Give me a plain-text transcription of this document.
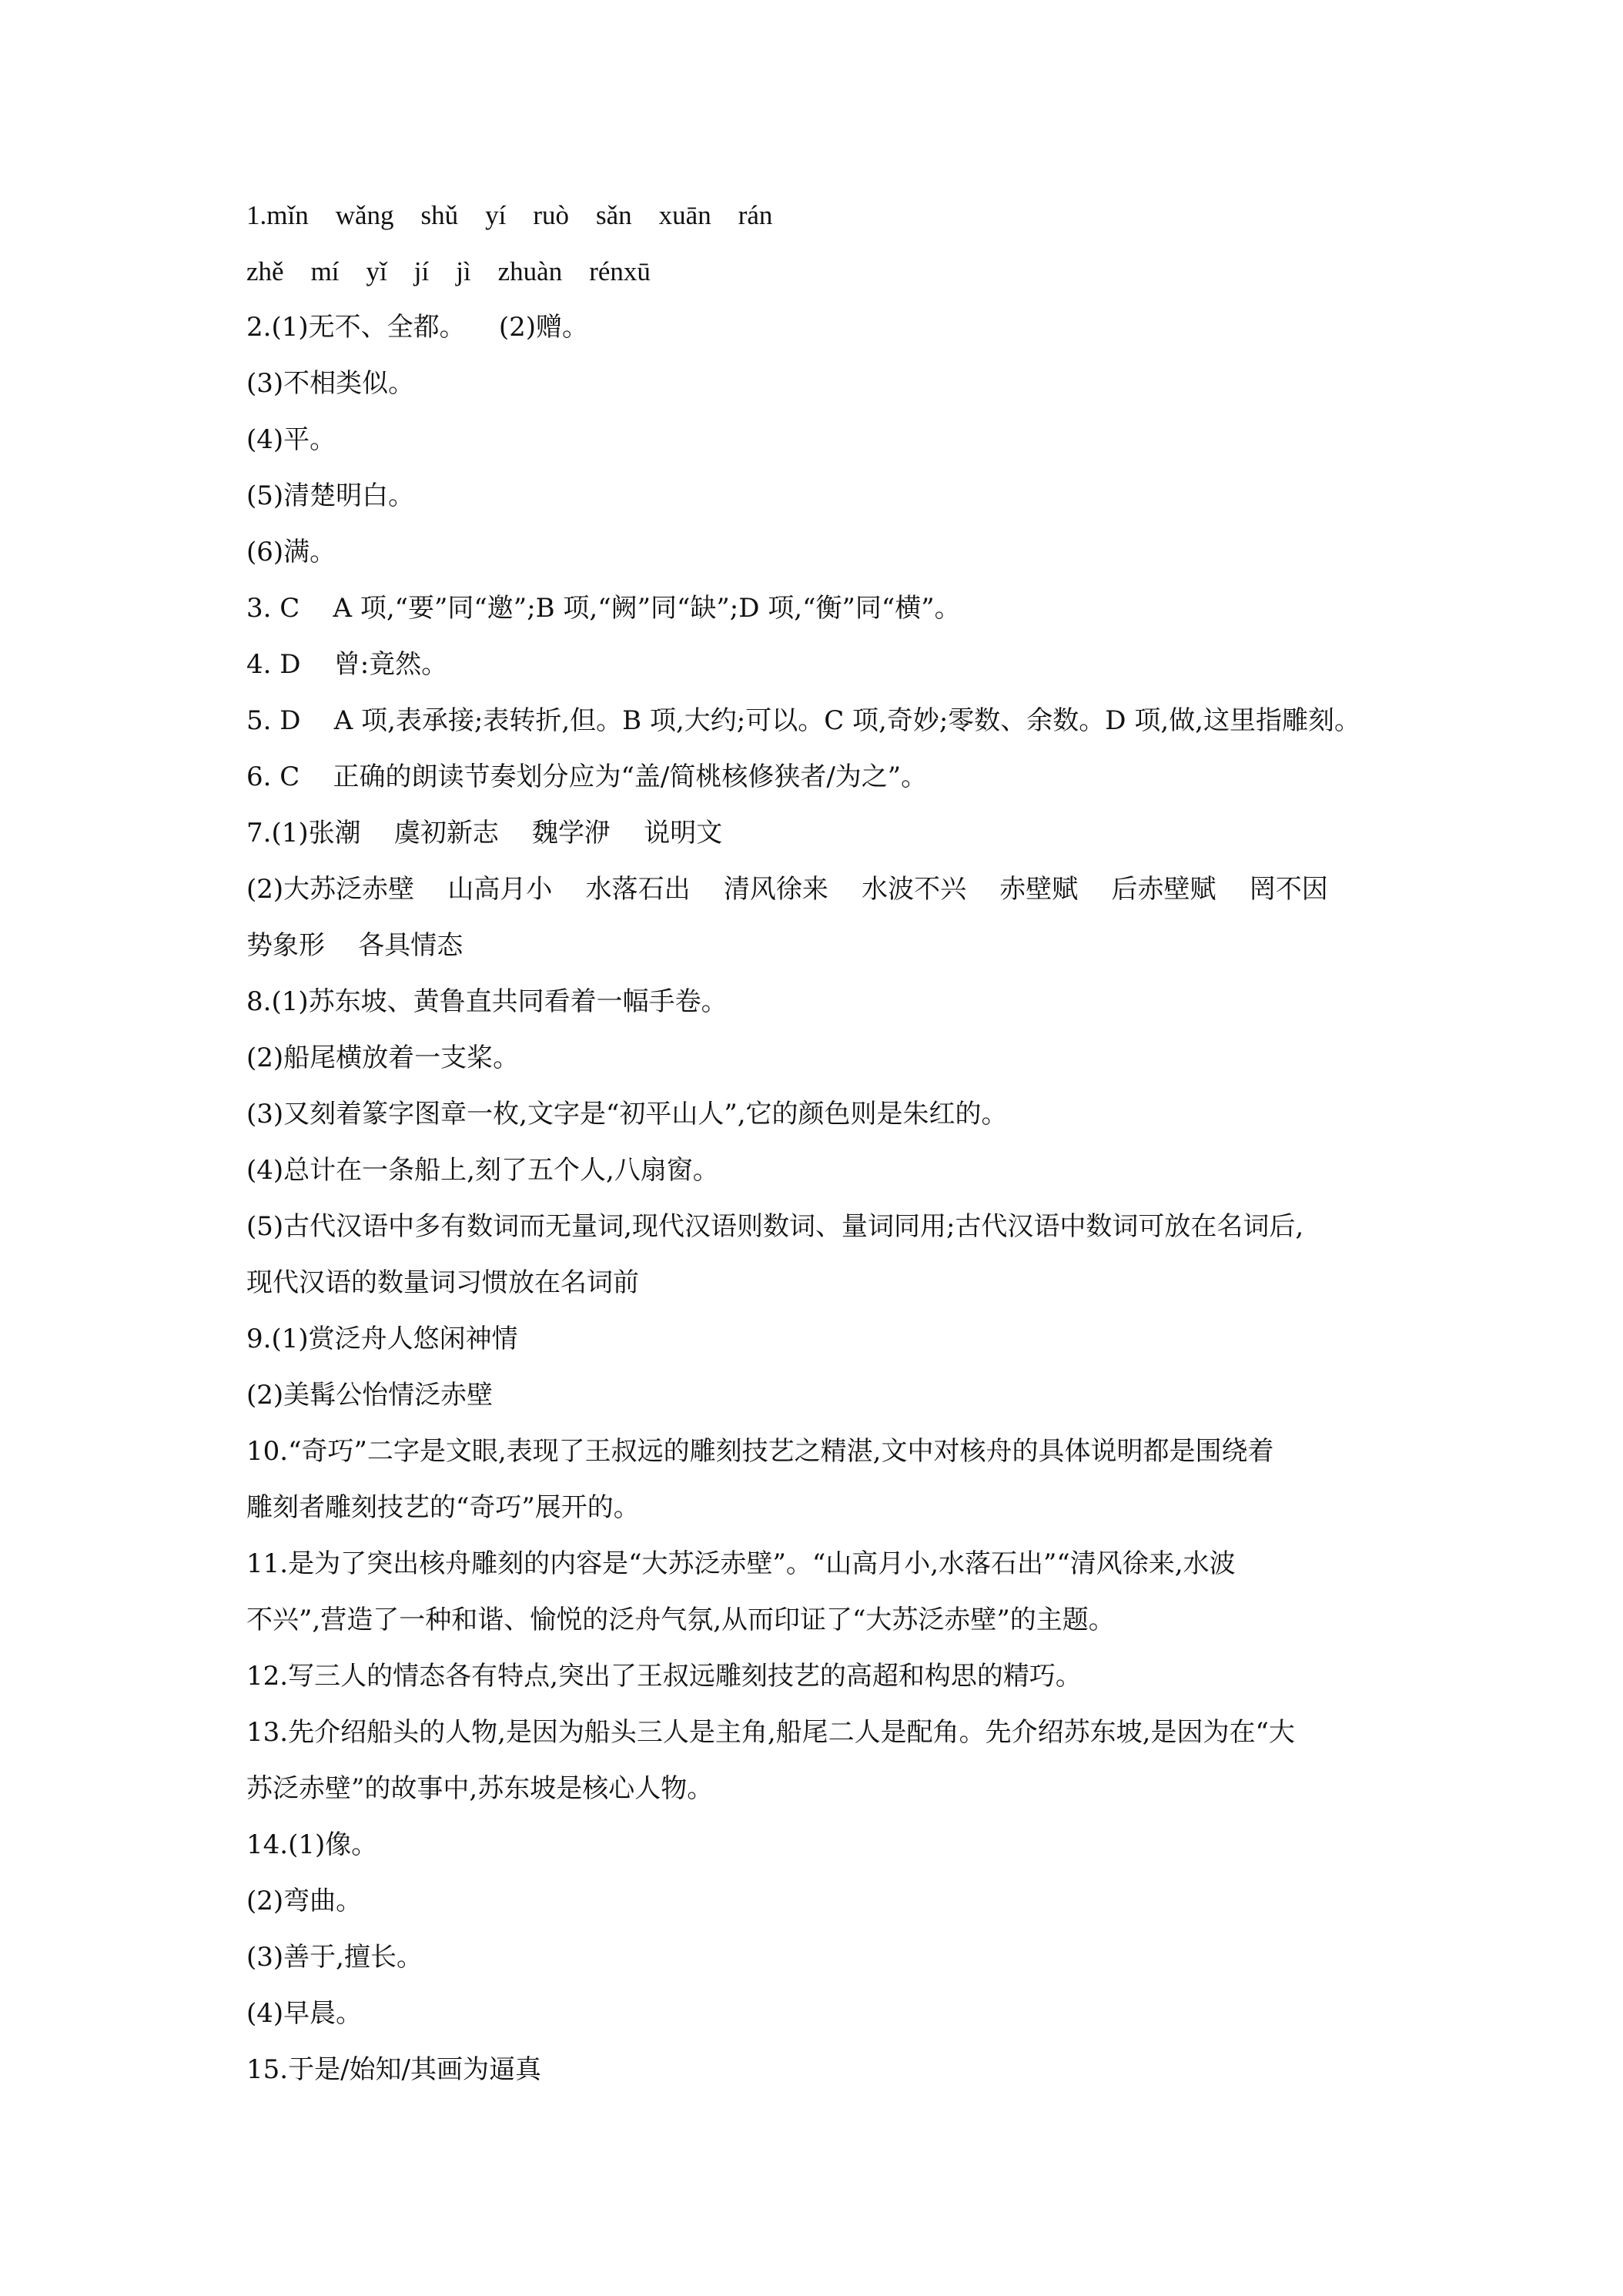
1.mǐn    wǎng    shǔ    yí    ruò    sǎn    xuān    rán
zhě    mí    yǐ    jí    jì    zhuàn    rénxū
2.(1)无不、全都。    (2)赠。
(3)不相类似。
(4)平。
(5)清楚明白。
(6)满。
3. C    A 项,“要”同“邀”;B 项,“阙”同“缺”;D 项,“衡”同“横”。
4. D    曾:竟然。
5. D    A 项,表承接;表转折,但。B 项,大约;可以。C 项,奇妙;零数、余数。D 项,做,这里指雕刻。
6. C    正确的朗读节奏划分应为“盖/简桃核修狭者/为之”。
7.(1)张潮    虞初新志    魏学洢    说明文
(2)大苏泛赤壁    山高月小    水落石出    清风徐来    水波不兴    赤壁赋    后赤壁赋    罔不因
势象形    各具情态
8.(1)苏东坡、黄鲁直共同看着一幅手卷。
(2)船尾横放着一支桨。
(3)又刻着篆字图章一枚,文字是“初平山人”,它的颜色则是朱红的。
(4)总计在一条船上,刻了五个人,八扇窗。
(5)古代汉语中多有数词而无量词,现代汉语则数词、量词同用;古代汉语中数词可放在名词后,
现代汉语的数量词习惯放在名词前
9.(1)赏泛舟人悠闲神情
(2)美髯公怡情泛赤壁
10.“奇巧”二字是文眼,表现了王叔远的雕刻技艺之精湛,文中对核舟的具体说明都是围绕着
雕刻者雕刻技艺的“奇巧”展开的。
11.是为了突出核舟雕刻的内容是“大苏泛赤壁”。“山高月小,水落石出”“清风徐来,水波
不兴”,营造了一种和谐、愉悦的泛舟气氛,从而印证了“大苏泛赤壁”的主题。
12.写三人的情态各有特点,突出了王叔远雕刻技艺的高超和构思的精巧。
13.先介绍船头的人物,是因为船头三人是主角,船尾二人是配角。先介绍苏东坡,是因为在“大
苏泛赤壁”的故事中,苏东坡是核心人物。
14.(1)像。
(2)弯曲。
(3)善于,擅长。
(4)早晨。
15.于是/始知/其画为逼真
